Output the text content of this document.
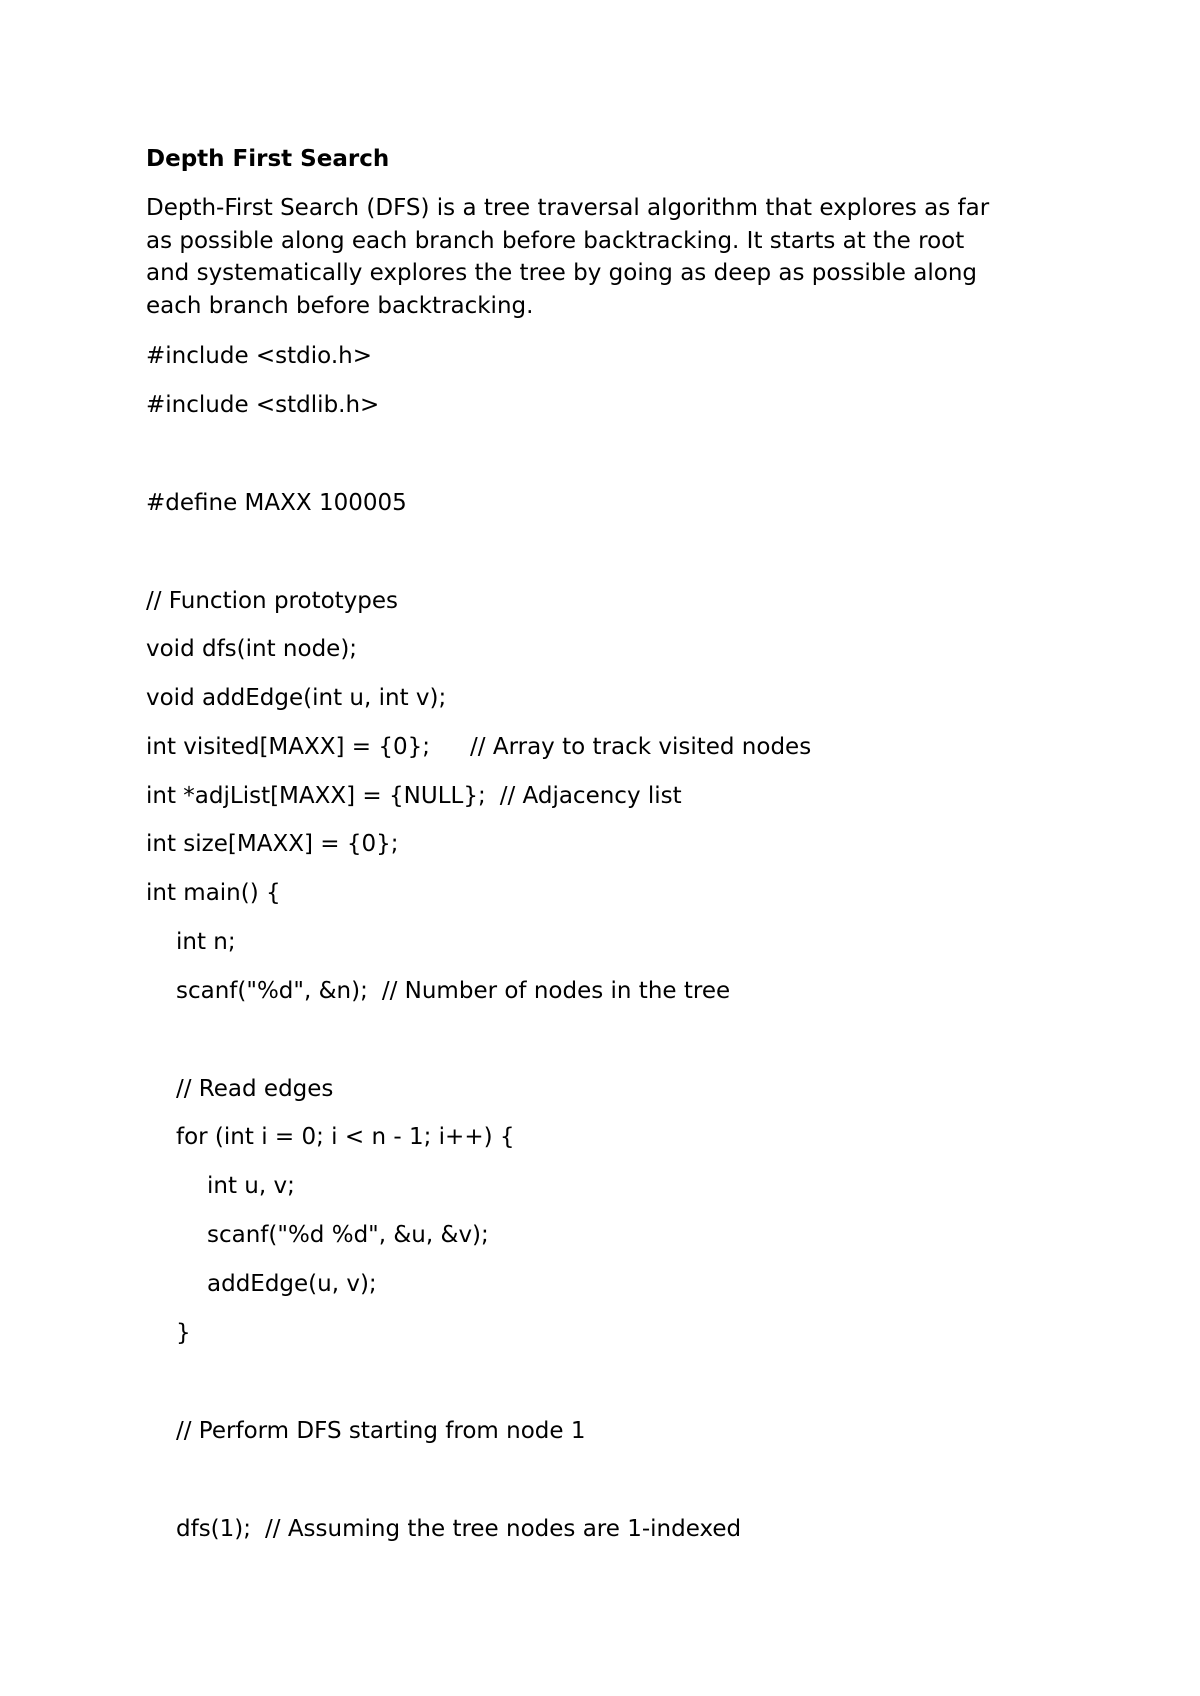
Depth First Search
Depth-First Search (DFS) is a tree traversal algorithm that explores as far
as possible along each branch before backtracking. It starts at the root
and systematically explores the tree by going as deep as possible along
each branch before backtracking.
#include <stdio.h>
#include <stdlib.h>
#define MAXX 100005
// Function prototypes
void dfs(int node);
void addEdge(int u, int v);
int visited[MAXX] = {0}; // Array to track visited nodes
int *adjList[MAXX] = {NULL}; // Adjacency list
int size[MAXX] = {0};
int main() {
int n;
scanf("%d", &n); // Number of nodes in the tree
// Read edges
for (int i = 0; i < n - 1; i++) {
int u, v;
scanf("%d %d", &u, &v);
addEdge(u, v);
}
// Perform DFS starting from node 1
dfs(1); // Assuming the tree nodes are 1-indexed
